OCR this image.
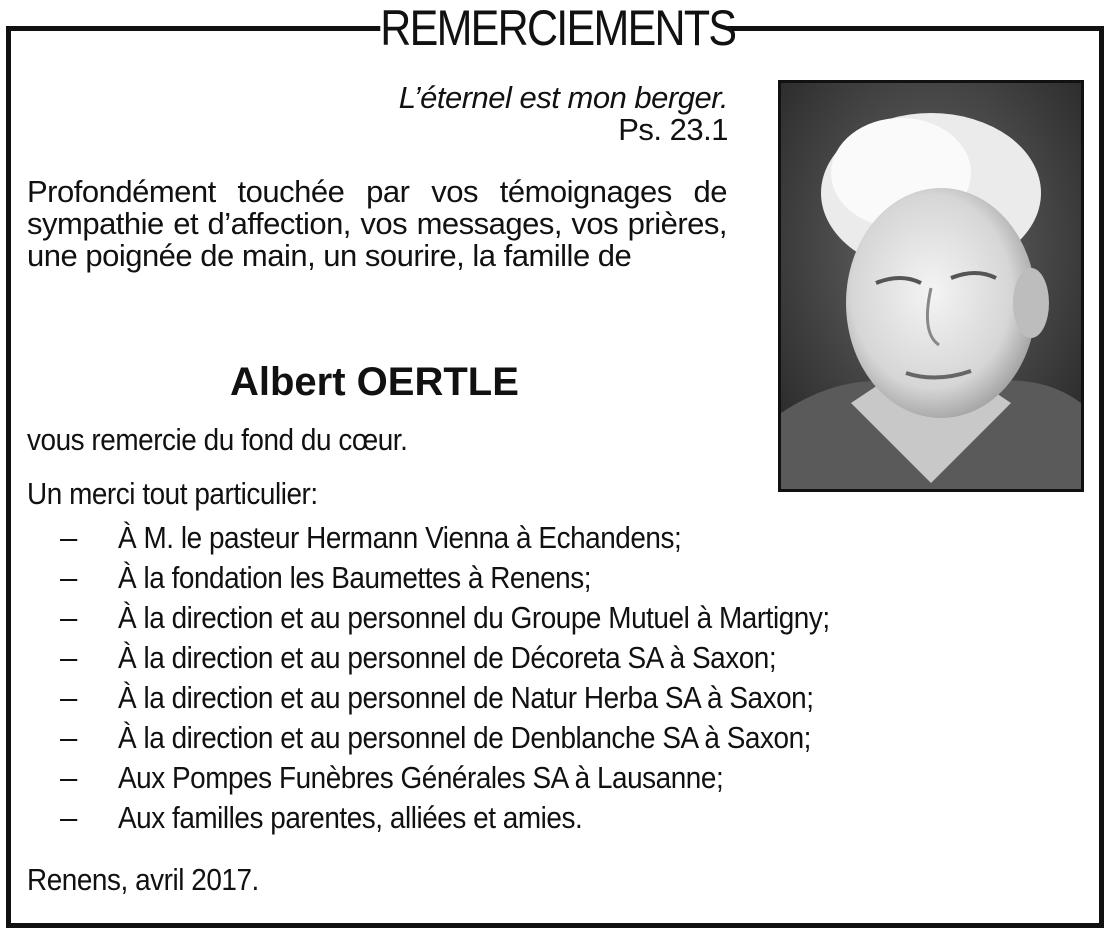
REMERCIEMENTS
L’éternel est mon berger.
Ps. 23.1
Profondément touchée par vos témoignages de sympathie et d’affection, vos messages, vos prières, une poignée de main, un sourire, la famille de
Albert OERTLE
vous remercie du fond du cœur.
Un merci tout particulier:
– À M. le pasteur Hermann Vienna à Echandens;
– À la fondation les Baumettes à Renens;
– À la direction et au personnel du Groupe Mutuel à Martigny;
– À la direction et au personnel de Décoreta SA à Saxon;
– À la direction et au personnel de Natur Herba SA à Saxon;
– À la direction et au personnel de Denblanche SA à Saxon;
– Aux Pompes Funèbres Générales SA à Lausanne;
– Aux familles parentes, alliées et amies.
Renens, avril 2017.
